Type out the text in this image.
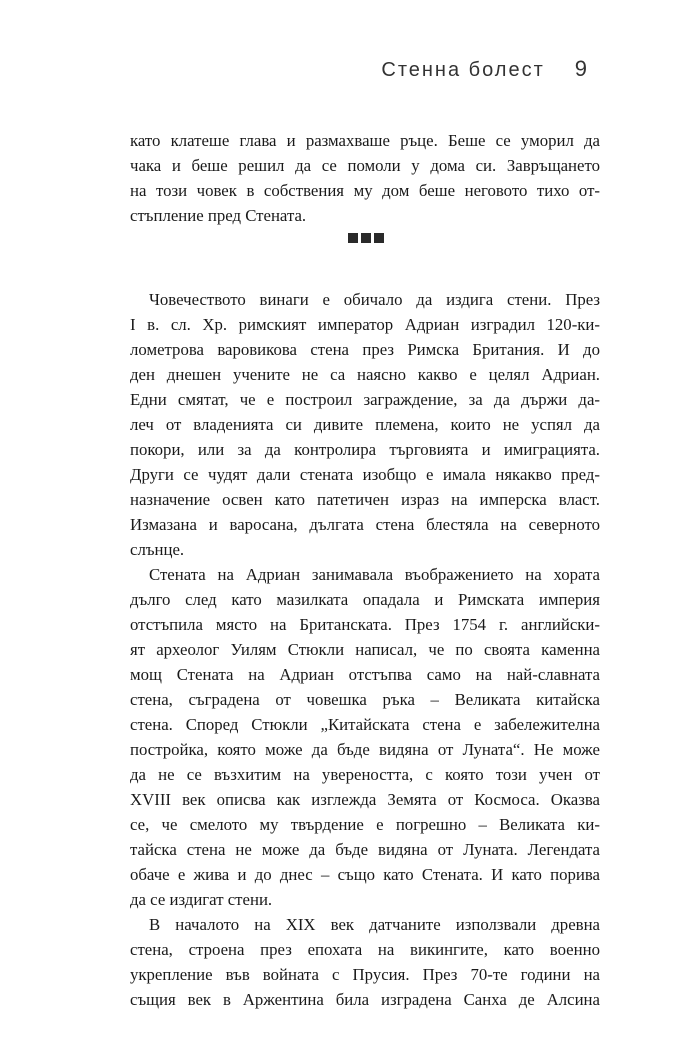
Стенна болест 9
като клатеше глава и размахваше ръце. Беше се уморил да
чака и беше решил да се помоли у дома си. Завръщането
на този човек в собствения му дом беше неговото тихо от-
стъпление пред Стената.
Човечеството винаги е обичало да издига стени. През
I в. сл. Хр. римският император Адриан изградил 120-ки-
лометрова варовикова стена през Римска Британия. И до
ден днешен учените не са наясно какво е целял Адриан.
Едни смятат, че е построил заграждение, за да държи да-
леч от владенията си дивите племена, които не успял да
покори, или за да контролира търговията и имиграцията.
Други се чудят дали стената изобщо е имала някакво пред-
назначение освен като патетичен израз на имперска власт.
Измазана и варосана, дългата стена блестяла на северното
слънце.
Стената на Адриан занимавала въображението на хората
дълго след като мазилката опадала и Римската империя
отстъпила място на Британската. През 1754 г. английски-
ят археолог Уилям Стюкли написал, че по своята каменна
мощ Стената на Адриан отстъпва само на най-славната
стена, съградена от човешка ръка – Великата китайска
стена. Според Стюкли „Китайската стена е забележителна
постройка, която може да бъде видяна от Луната“. Не може
да не се възхитим на увереността, с която този учен от
XVIII век описва как изглежда Земята от Космоса. Оказва
се, че смелото му твърдение е погрешно – Великата ки-
тайска стена не може да бъде видяна от Луната. Легендата
обаче е жива и до днес – също като Стената. И като порива
да се издигат стени.
В началото на XIX век датчаните използвали древна
стена, строена през епохата на викингите, като военно
укрепление във войната с Прусия. През 70-те години на
същия век в Аржентина била изградена Санха де Алсина
